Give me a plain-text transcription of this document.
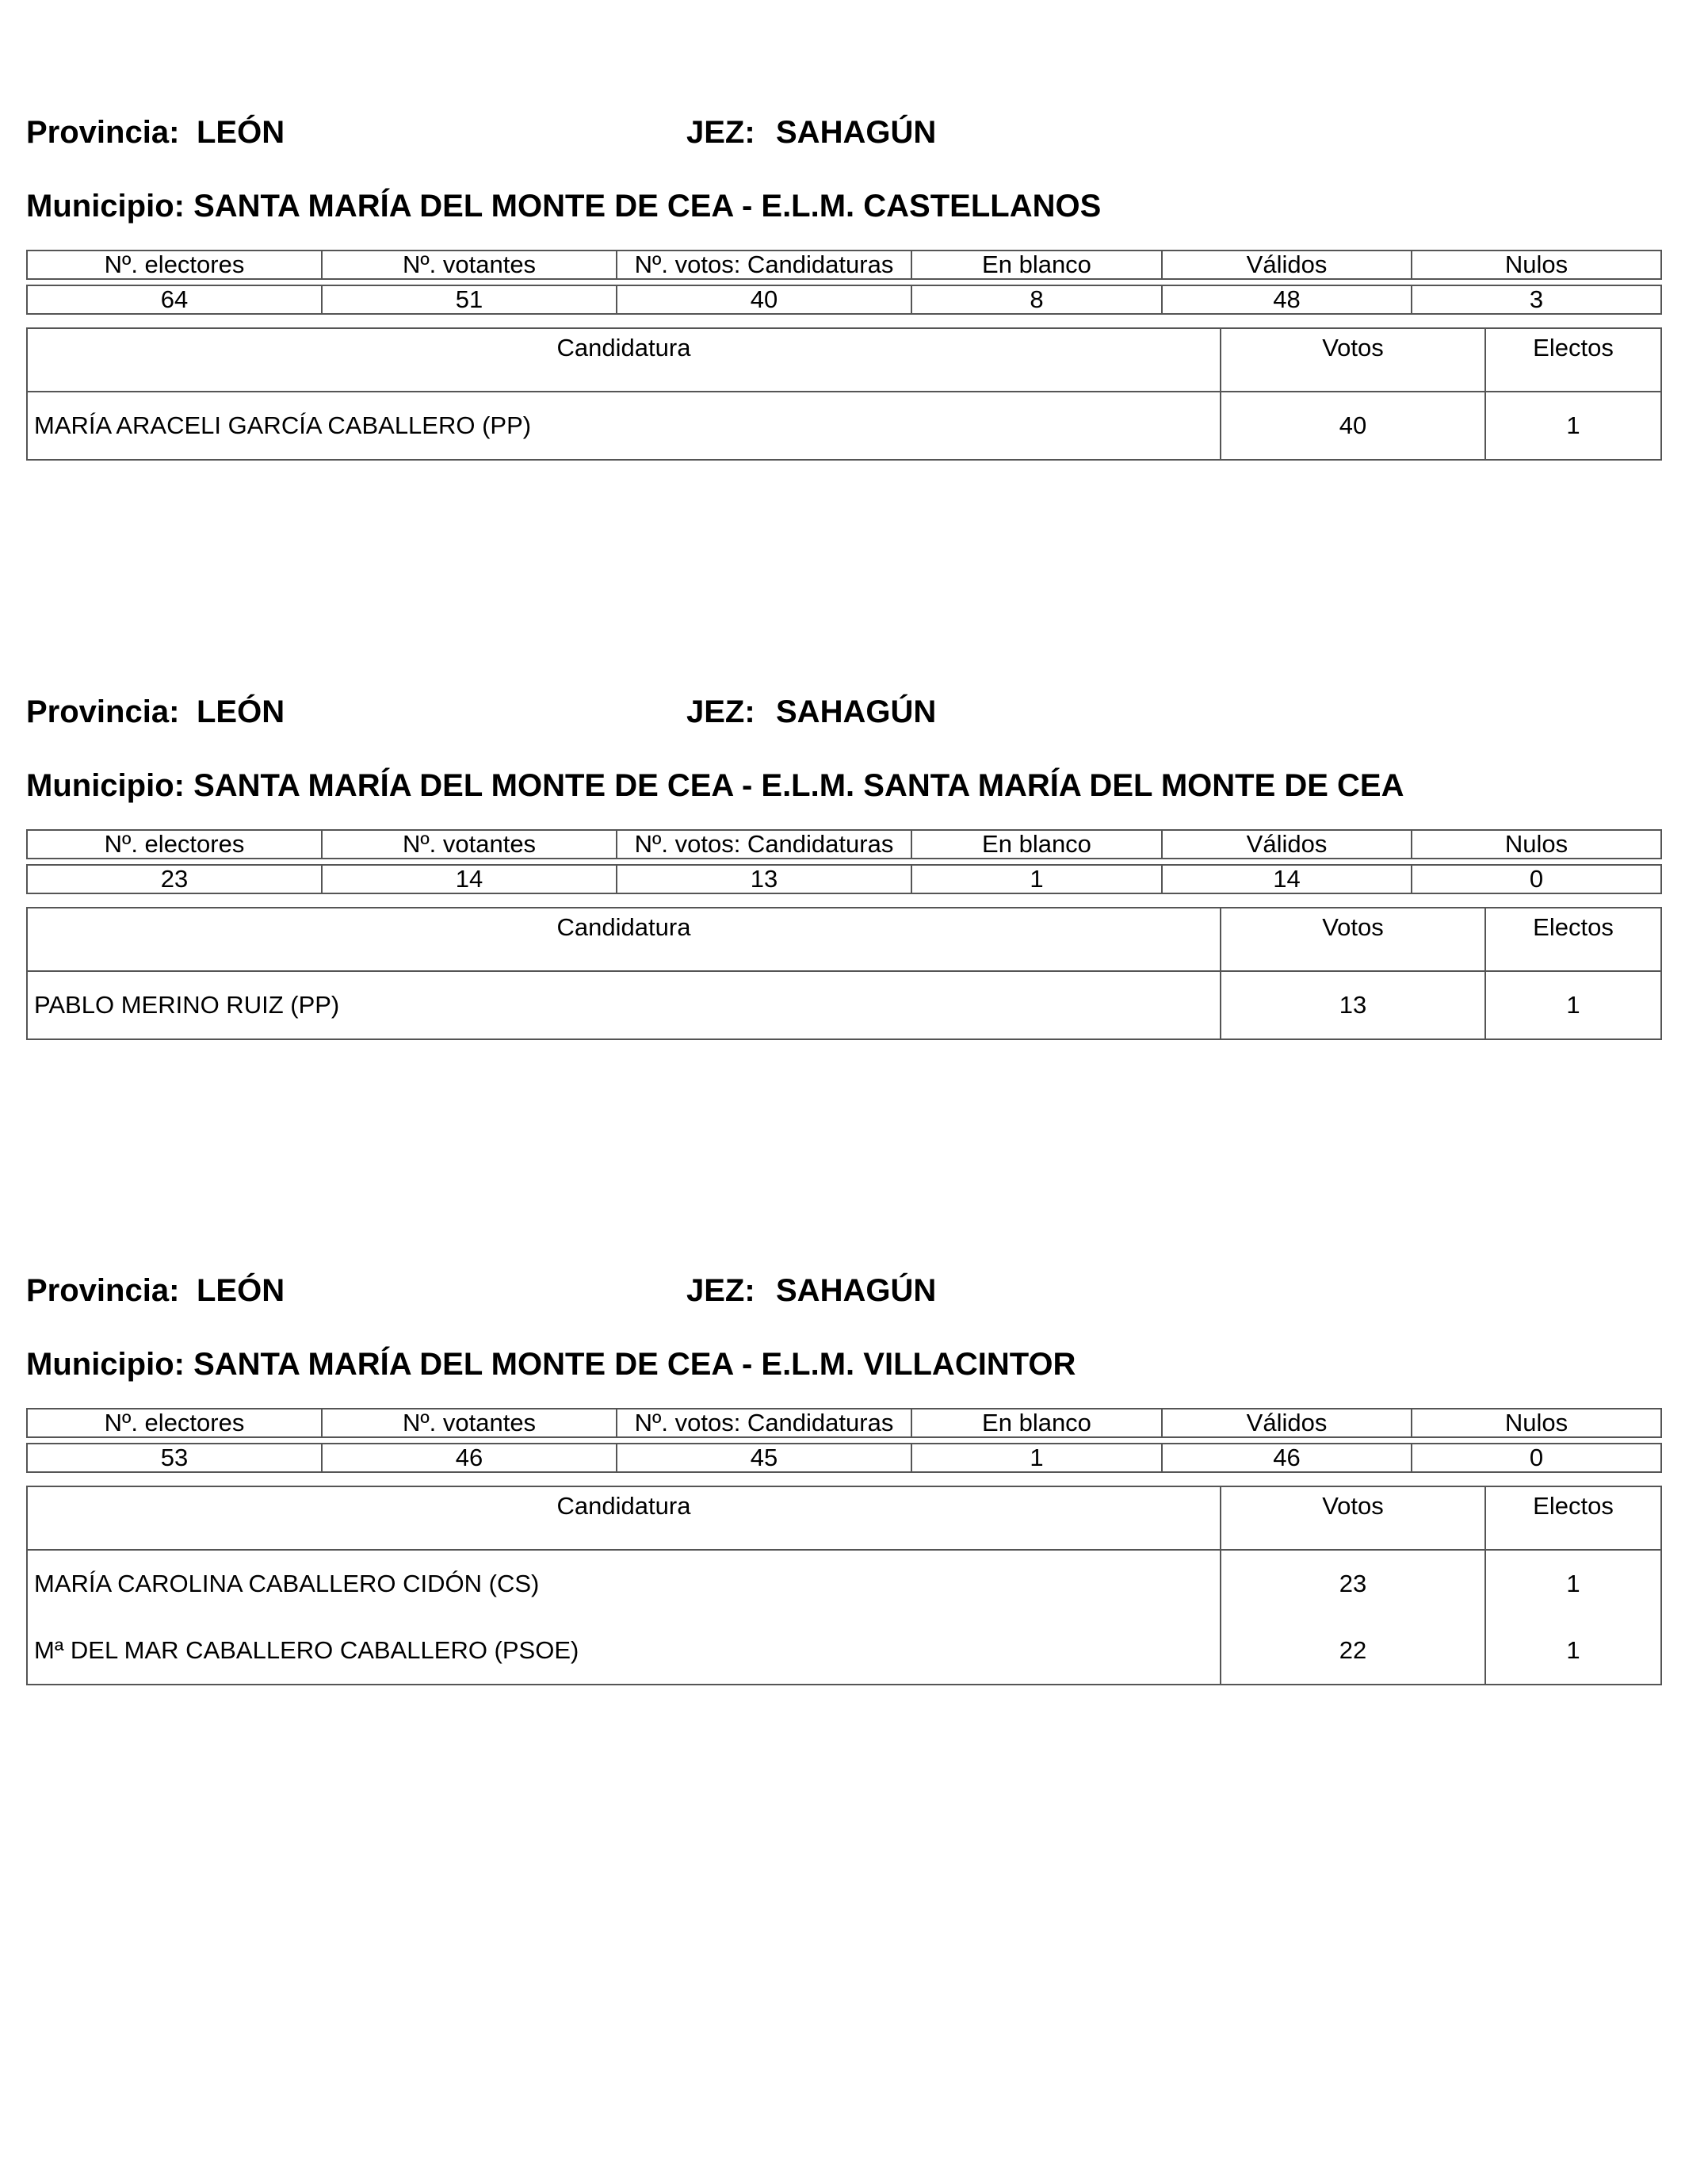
Provincia: LEÓN	JEZ: SAHAGÚN
Municipio: SANTA MARÍA DEL MONTE DE CEA - E.L.M. CASTELLANOS
Nº. electores	Nº. votantes	Nº. votos: Candidaturas	En blanco	Válidos	Nulos

64	51	40	8	48	3
Candidatura	Votos	Electos
MARÍA ARACELI GARCÍA CABALLERO (PP)	40	1
Provincia: LEÓN	JEZ: SAHAGÚN
Municipio: SANTA MARÍA DEL MONTE DE CEA - E.L.M. SANTA MARÍA DEL MONTE DE CEA
Nº. electores	Nº. votantes	Nº. votos: Candidaturas	En blanco	Válidos	Nulos

23	14	13	1	14	0
Candidatura	Votos	Electos
PABLO MERINO RUIZ (PP)	13	1
Provincia: LEÓN	JEZ: SAHAGÚN
Municipio: SANTA MARÍA DEL MONTE DE CEA - E.L.M. VILLACINTOR
Nº. electores	Nº. votantes	Nº. votos: Candidaturas	En blanco	Válidos	Nulos

53	46	45	1	46	0
Candidatura	Votos	Electos
MARÍA CAROLINA CABALLERO CIDÓN (CS)	23	1
Mª DEL MAR CABALLERO CABALLERO (PSOE)	22	1
